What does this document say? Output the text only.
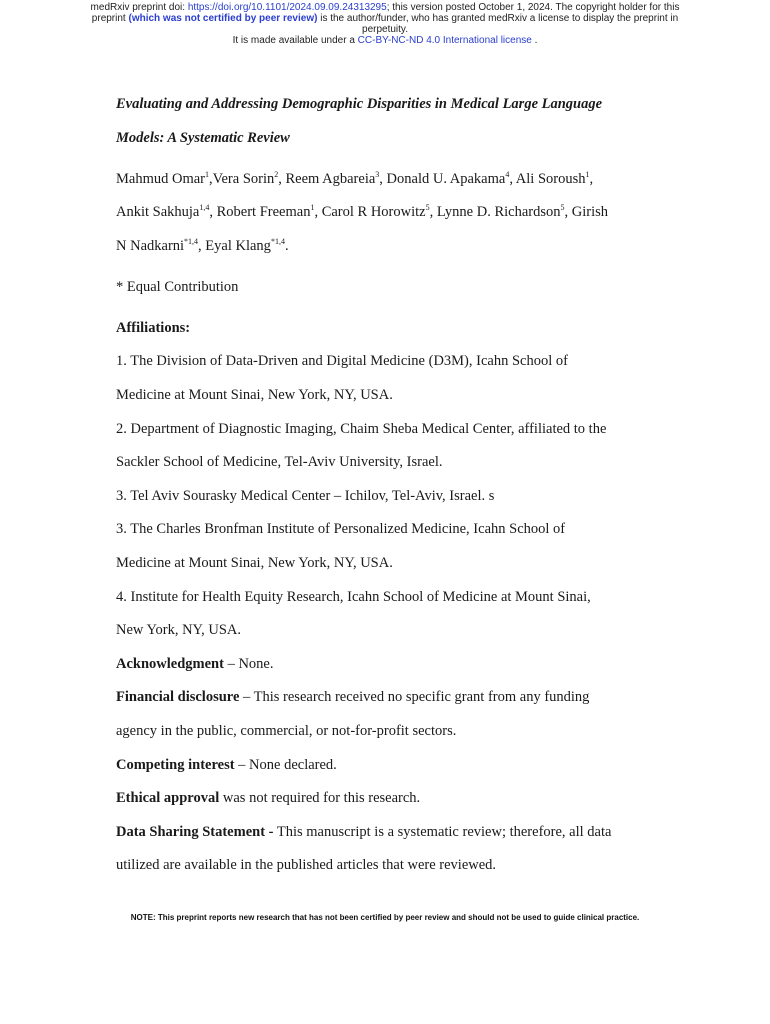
medRxiv preprint doi: https://doi.org/10.1101/2024.09.09.24313295; this version posted October 1, 2024. The copyright holder for this
preprint (which was not certified by peer review) is the author/funder, who has granted medRxiv a license to display the preprint in
perpetuity.
It is made available under a CC-BY-NC-ND 4.0 International license .
Evaluating and Addressing Demographic Disparities in Medical Large Language
Models: A Systematic Review
Mahmud Omar$^1$,Vera Sorin$^2$, Reem Agbareia$^3$, Donald U. Apakama$^4$, Ali Soroush$^1$,
Ankit Sakhuja$^{1,4}$, Robert Freeman$^1$, Carol R Horowitz$^5$, Lynne D. Richardson$^5$, Girish
N Nadkarni$^{*1,4}$, Eyal Klang$^{*1,4}$.
* Equal Contribution
Affiliations:
1. The Division of Data-Driven and Digital Medicine (D3M), Icahn School of
Medicine at Mount Sinai, New York, NY, USA.
2. Department of Diagnostic Imaging, Chaim Sheba Medical Center, affiliated to the
Sackler School of Medicine, Tel-Aviv University, Israel.
3. Tel Aviv Sourasky Medical Center – Ichilov, Tel-Aviv, Israel. s
3. The Charles Bronfman Institute of Personalized Medicine, Icahn School of
Medicine at Mount Sinai, New York, NY, USA.
4. Institute for Health Equity Research, Icahn School of Medicine at Mount Sinai,
New York, NY, USA.
Acknowledgment – None.
Financial disclosure – This research received no specific grant from any funding
agency in the public, commercial, or not-for-profit sectors.
Competing interest – None declared.
Ethical approval was not required for this research.
Data Sharing Statement - This manuscript is a systematic review; therefore, all data
utilized are available in the published articles that were reviewed.
NOTE: This preprint reports new research that has not been certified by peer review and should not be used to guide clinical practice.
